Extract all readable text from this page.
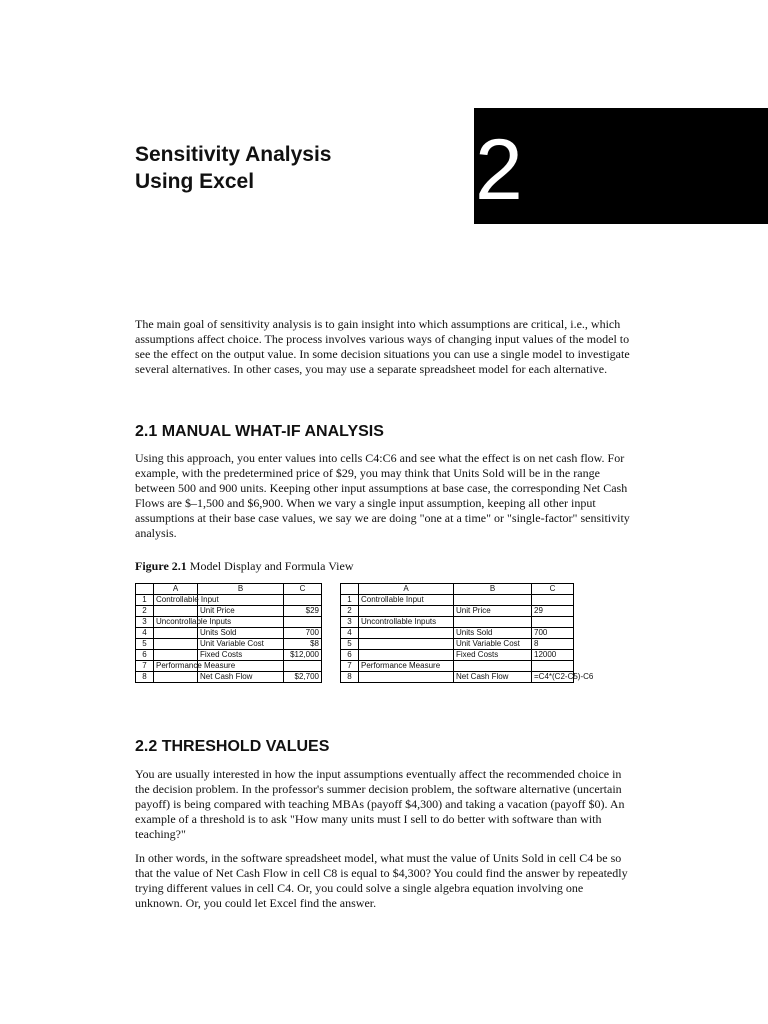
Sensitivity Analysis
Using Excel	2

The main goal of sensitivity analysis is to gain insight into which assumptions are critical, i.e., which assumptions affect choice. The process involves various ways of changing input values of the model to see the effect on the output value. In some decision situations you can use a single model to investigate several alternatives. In other cases, you may use a separate spreadsheet model for each alternative.

2.1 MANUAL WHAT-IF ANALYSIS

Using this approach, you enter values into cells C4:C6 and see what the effect is on net cash flow. For example, with the predetermined price of $29, you may think that Units Sold will be in the range between 500 and 900 units. Keeping other input assumptions at base case, the corresponding Net Cash Flows are $–1,500 and $6,900. When we vary a single input assumption, keeping all other input assumptions at their base case values, we say we are doing "one at a time" or "single-factor" sensitivity analysis.

Figure 2.1 Model Display and Formula View

	A	B	C
1	Controllable Input		
2		Unit Price	$29
3	Uncontrollable Inputs		
4		Units Sold	700
5		Unit Variable Cost	$8
6		Fixed Costs	$12,000
7	Performance Measure		
8		Net Cash Flow	$2,700
	A	B	C
1	Controllable Input		
2		Unit Price	29
3	Uncontrollable Inputs		
4		Units Sold	700
5		Unit Variable Cost	8
6		Fixed Costs	12000
7	Performance Measure		
8		Net Cash Flow	=C4*(C2-C5)-C6
2.2 THRESHOLD VALUES

You are usually interested in how the input assumptions eventually affect the recommended choice in the decision problem. In the professor's summer decision problem, the software alternative (uncertain payoff) is being compared with teaching MBAs (payoff $4,300) and taking a vacation (payoff $0). An example of a threshold is to ask "How many units must I sell to do better with software than with teaching?"

In other words, in the software spreadsheet model, what must the value of Units Sold in cell C4 be so that the value of Net Cash Flow in cell C8 is equal to $4,300? You could find the answer by repeatedly trying different values in cell C4. Or, you could solve a single algebra equation involving one unknown. Or, you could let Excel find the answer.
